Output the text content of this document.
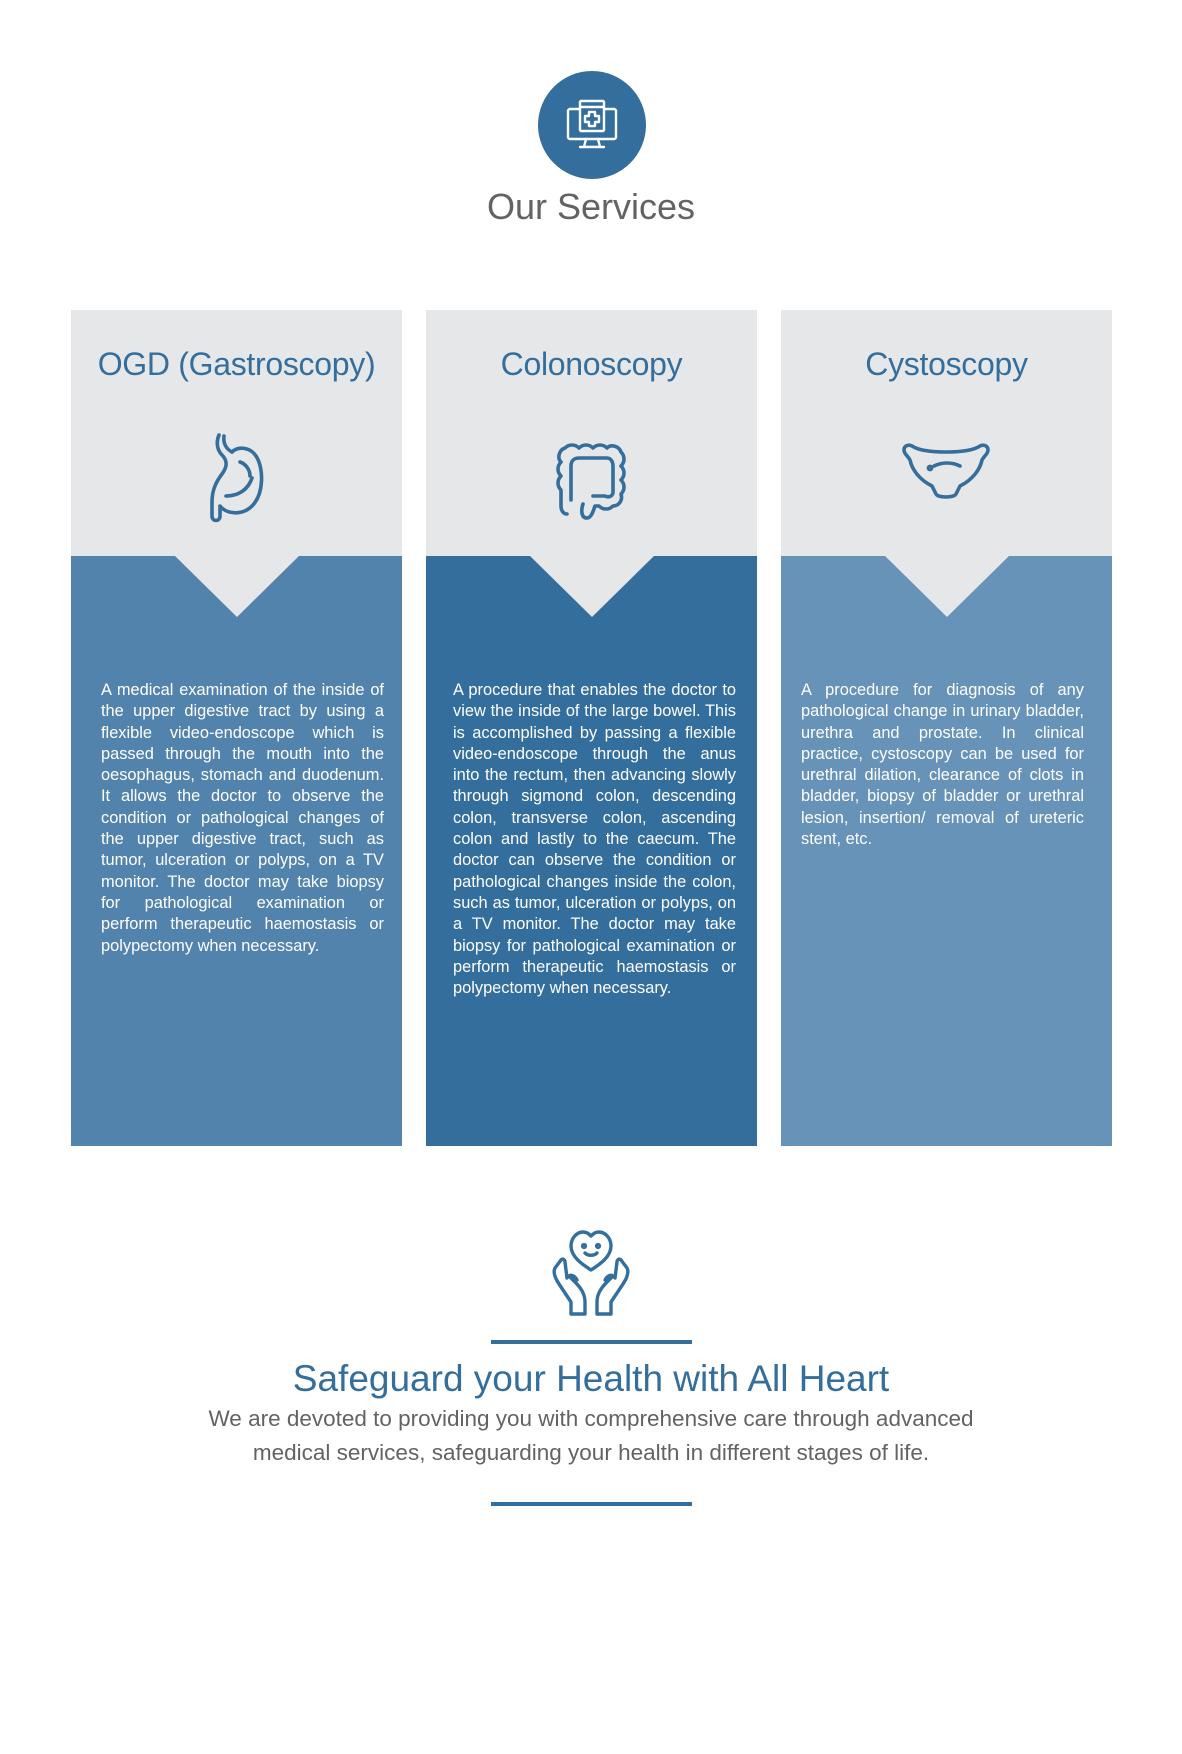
Our Services
OGD (Gastroscopy)

A medical examination of the inside of the upper digestive tract by using a flexible video-endoscope which is passed through the mouth into the oesophagus, stomach and duodenum. It allows the doctor to observe the condition or pathological changes of the upper digestive tract, such as tumor, ulceration or polyps, on a TV monitor. The doctor may take biopsy for pathological examination or perform therapeutic haemostasis or polypectomy when necessary.

Colonoscopy

A procedure that enables the doctor to view the inside of the large bowel. This is accomplished by passing a flexible video-endoscope through the anus into the rectum, then advancing slowly through sigmond colon, descending colon, transverse colon, ascending colon and lastly to the caecum. The doctor can observe the condition or pathological changes inside the colon, such as tumor, ulceration or polyps, on a TV monitor. The doctor may take biopsy for pathological examination or perform therapeutic haemostasis or polypectomy when necessary.

Cystoscopy

A procedure for diagnosis of any pathological change in urinary bladder, urethra and prostate. In clinical practice, cystoscopy can be used for urethral dilation, clearance of clots in bladder, biopsy of bladder or urethral lesion, insertion/ removal of ureteric stent, etc.

Safeguard your Health with All Heart

We are devoted to providing you with comprehensive care through advanced

medical services, safeguarding your health in different stages of life.
